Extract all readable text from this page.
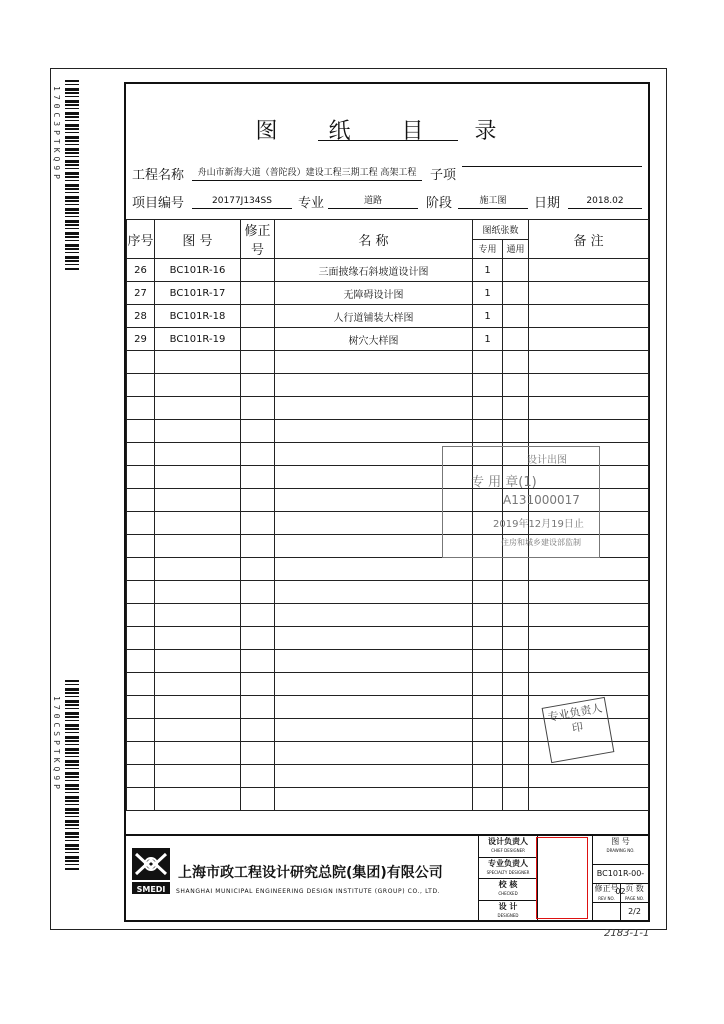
170C3PTKQ9P
170CSPTKQ9P
图 纸 目 录
工程名称	舟山市新海大道（普陀段）建设工程三期工程 高架工程	子项
项目编号	20177J134SS	专业	道路	阶段	施工图	日期	2018.02
序号	图 号	修正号	名 称	图纸张数		备 注
				专用	通用	
26	BC101R-16		三面披缘石斜坡道设计图	1		
27	BC101R-17		无障碍设计图	1		
28	BC101R-18		人行道铺装大样图	1		
29	BC101R-19		树穴大样图	1		

设计出图
专 用 章(1)
A131000017
2019年12月19日止
住房和城乡建设部监制
专业负责人印
SMEDI
上海市政工程设计研究总院(集团)有限公司
SHANGHAI MUNICIPAL ENGINEERING DESIGN INSTITUTE (GROUP) CO., LTD.
设计负责人
CHIEF DESIGNER
专业负责人
SPECIALTY DESIGNER
校 核
CHECKED
设 计
DESIGNED
图 号
DRAWING NO.
BC101R-00-02
修正号
REV NO.
页 数
PAGE NO.
2/2
2183-1-1
